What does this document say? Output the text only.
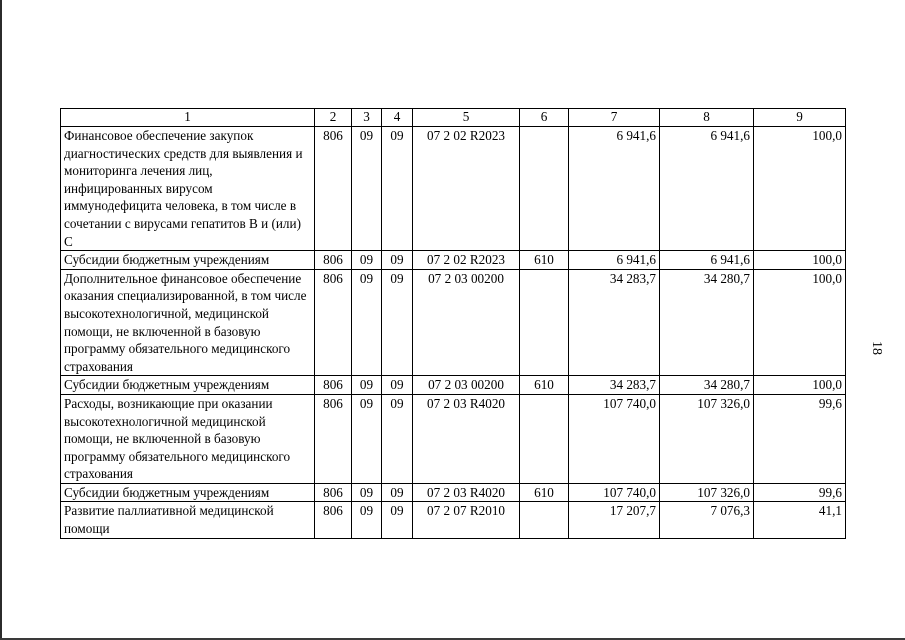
1	2	3	4	5	6	7	8	9
Финансовое обеспечение закупок диагностических средств для выявления и мониторинга лечения лиц, инфицированных вирусом иммунодефицита человека, в том числе в сочетании с вирусами гепатитов В и (или) С	806	09	09	07 2 02 R2023		6 941,6	6 941,6	100,0
Субсидии бюджетным учреждениям	806	09	09	07 2 02 R2023	610	6 941,6	6 941,6	100,0
Дополнительное финансовое обеспечение оказания специализированной, в том числе высокотехнологичной, медицинской помощи, не включенной в базовую программу обязательного медицинского страхования	806	09	09	07 2 03 00200		34 283,7	34 280,7	100,0
Субсидии бюджетным учреждениям	806	09	09	07 2 03 00200	610	34 283,7	34 280,7	100,0
Расходы, возникающие при оказании высокотехнологичной медицинской помощи, не включенной в базовую программу обязательного медицинского страхования	806	09	09	07 2 03 R4020		107 740,0	107 326,0	99,6
Субсидии бюджетным учреждениям	806	09	09	07 2 03 R4020	610	107 740,0	107 326,0	99,6
Развитие паллиативной медицинской помощи	806	09	09	07 2 07 R2010		17 207,7	7 076,3	41,1
18
